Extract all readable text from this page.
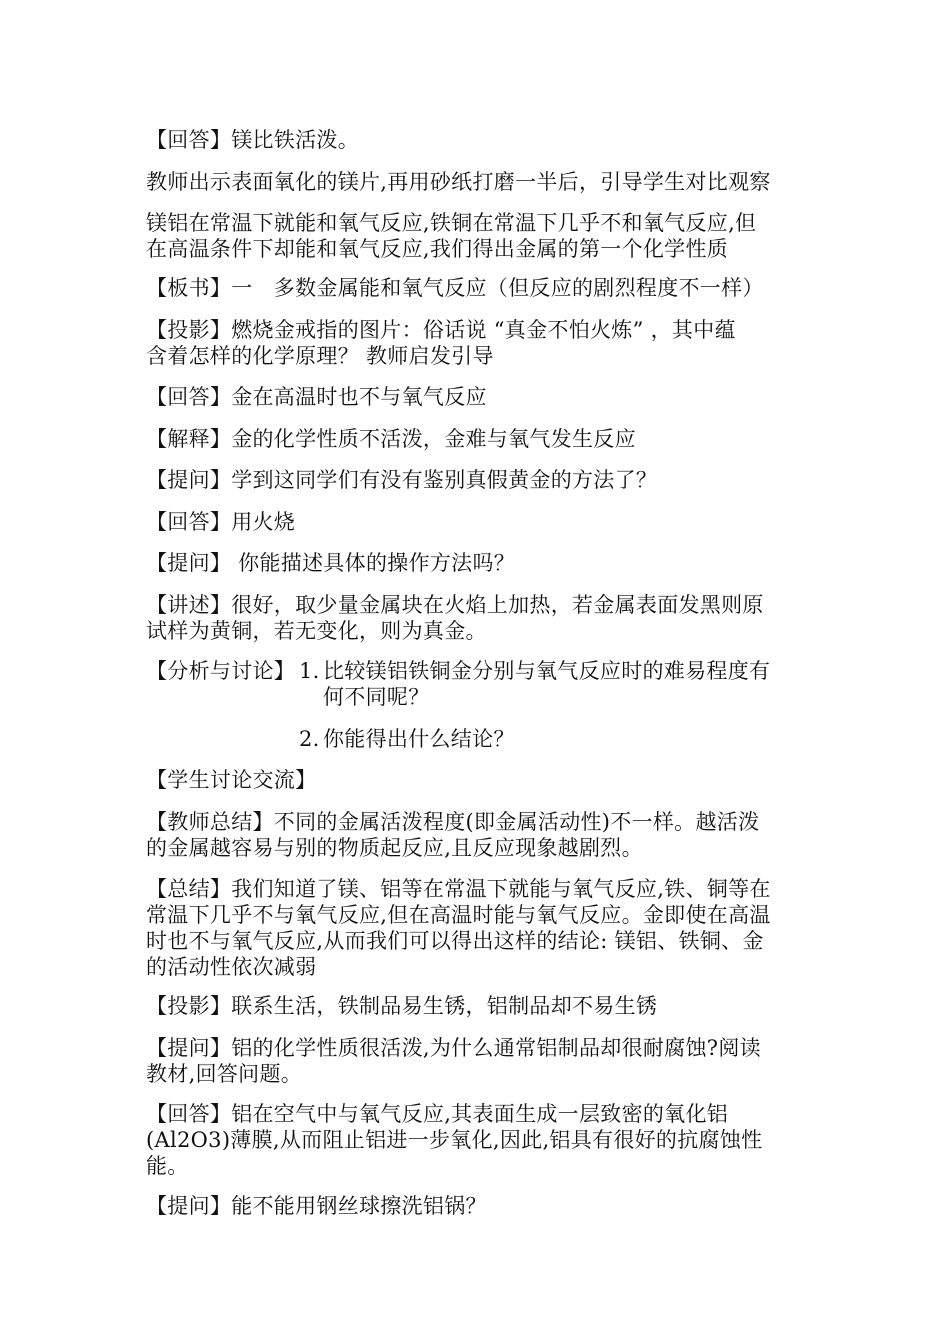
【回答】镁比铁活泼。

教师出示表面氧化的镁片,再用砂纸打磨一半后，引导学生对比观察

镁铝在常温下就能和氧气反应,铁铜在常温下几乎不和氧气反应,但
在高温条件下却能和氧气反应,我们得出金属的第一个化学性质

【板书】一　多数金属能和氧气反应（但反应的剧烈程度不一样）

【投影】燃烧金戒指的图片：俗话说 “真金不怕火炼” ，其中蕴
含着怎样的化学原理？ 教师启发引导

【回答】金在高温时也不与氧气反应

【解释】金的化学性质不活泼，金难与氧气发生反应

【提问】学到这同学们有没有鉴别真假黄金的方法了？

【回答】用火烧

【提问】 你能描述具体的操作方法吗？

【讲述】很好，取少量金属块在火焰上加热，若金属表面发黑则原
试样为黄铜，若无变化，则为真金。

【分析与讨论】 1. 比较镁铝铁铜金分别与氧气反应时的难易程度有
何不同呢？
2. 你能得出什么结论？

【学生讨论交流】

【教师总结】不同的金属活泼程度(即金属活动性)不一样。越活泼
的金属越容易与别的物质起反应,且反应现象越剧烈。

【总结】我们知道了镁、铝等在常温下就能与氧气反应,铁、铜等在
常温下几乎不与氧气反应,但在高温时能与氧气反应。金即使在高温
时也不与氧气反应,从而我们可以得出这样的结论: 镁铝、铁铜、金
的活动性依次减弱

【投影】联系生活，铁制品易生锈，铝制品却不易生锈

【提问】铝的化学性质很活泼,为什么通常铝制品却很耐腐蚀?阅读
教材,回答问题。

【回答】铝在空气中与氧气反应,其表面生成一层致密的氧化铝
(Al2O3)薄膜,从而阻止铝进一步氧化,因此,铝具有很好的抗腐蚀性
能。

【提问】能不能用钢丝球擦洗铝锅？
